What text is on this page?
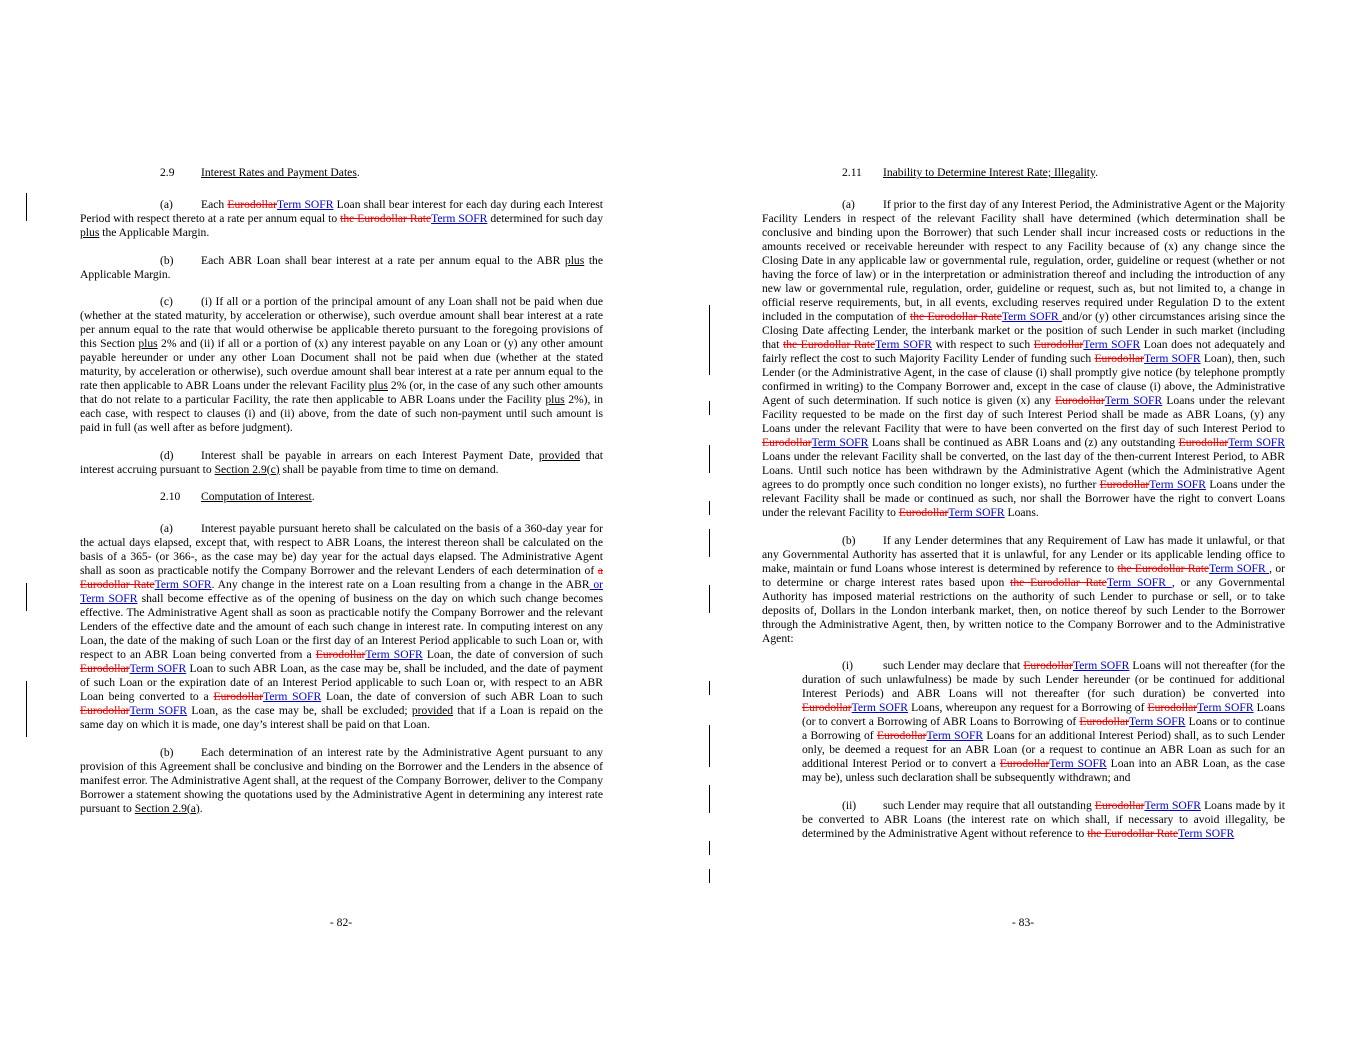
2.9 Interest Rates and Payment Dates.

(a) Each EurodollarTerm SOFR Loan shall bear interest for each day during each Interest Period with respect thereto at a rate per annum equal to the Eurodollar RateTerm SOFR determined for such day plus the Applicable Margin.

(b) Each ABR Loan shall bear interest at a rate per annum equal to the ABR plus the Applicable Margin.

(c) (i) If all or a portion of the principal amount of any Loan shall not be paid when due (whether at the stated maturity, by acceleration or otherwise), such overdue amount shall bear interest at a rate per annum equal to the rate that would otherwise be applicable thereto pursuant to the foregoing provisions of this Section plus 2% and (ii) if all or a portion of (x) any interest payable on any Loan or (y) any other amount payable hereunder or under any other Loan Document shall not be paid when due (whether at the stated maturity, by acceleration or otherwise), such overdue amount shall bear interest at a rate per annum equal to the rate then applicable to ABR Loans under the relevant Facility plus 2% (or, in the case of any such other amounts that do not relate to a particular Facility, the rate then applicable to ABR Loans under the Facility plus 2%), in each case, with respect to clauses (i) and (ii) above, from the date of such non-payment until such amount is paid in full (as well after as before judgment).

(d) Interest shall be payable in arrears on each Interest Payment Date, provided that interest accruing pursuant to Section 2.9(c) shall be payable from time to time on demand.

2.10 Computation of Interest.

(a) Interest payable pursuant hereto shall be calculated on the basis of a 360-day year for the actual days elapsed, except that, with respect to ABR Loans, the interest thereon shall be calculated on the basis of a 365- (or 366-, as the case may be) day year for the actual days elapsed. The Administrative Agent shall as soon as practicable notify the Company Borrower and the relevant Lenders of each determination of a Eurodollar RateTerm SOFR. Any change in the interest rate on a Loan resulting from a change in the ABR or Term SOFR shall become effective as of the opening of business on the day on which such change becomes effective. The Administrative Agent shall as soon as practicable notify the Company Borrower and the relevant Lenders of the effective date and the amount of each such change in interest rate. In computing interest on any Loan, the date of the making of such Loan or the first day of an Interest Period applicable to such Loan or, with respect to an ABR Loan being converted from a EurodollarTerm SOFR Loan, the date of conversion of such EurodollarTerm SOFR Loan to such ABR Loan, as the case may be, shall be included, and the date of payment of such Loan or the expiration date of an Interest Period applicable to such Loan or, with respect to an ABR Loan being converted to a EurodollarTerm SOFR Loan, the date of conversion of such ABR Loan to such EurodollarTerm SOFR Loan, as the case may be, shall be excluded; provided that if a Loan is repaid on the same day on which it is made, one day’s interest shall be paid on that Loan.

(b) Each determination of an interest rate by the Administrative Agent pursuant to any provision of this Agreement shall be conclusive and binding on the Borrower and the Lenders in the absence of manifest error. The Administrative Agent shall, at the request of the Company Borrower, deliver to the Company Borrower a statement showing the quotations used by the Administrative Agent in determining any interest rate pursuant to Section 2.9(a).

- 82-

2.11 Inability to Determine Interest Rate; Illegality.

(a) If prior to the first day of any Interest Period, the Administrative Agent or the Majority Facility Lenders in respect of the relevant Facility shall have determined (which determination shall be conclusive and binding upon the Borrower) that such Lender shall incur increased costs or reductions in the amounts received or receivable hereunder with respect to any Facility because of (x) any change since the Closing Date in any applicable law or governmental rule, regulation, order, guideline or request (whether or not having the force of law) or in the interpretation or administration thereof and including the introduction of any new law or governmental rule, regulation, order, guideline or request, such as, but not limited to, a change in official reserve requirements, but, in all events, excluding reserves required under Regulation D to the extent included in the computation of the Eurodollar RateTerm SOFR and/or (y) other circumstances arising since the Closing Date affecting Lender, the interbank market or the position of such Lender in such market (including that the Eurodollar RateTerm SOFR with respect to such EurodollarTerm SOFR Loan does not adequately and fairly reflect the cost to such Majority Facility Lender of funding such EurodollarTerm SOFR Loan), then, such Lender (or the Administrative Agent, in the case of clause (i) shall promptly give notice (by telephone promptly confirmed in writing) to the Company Borrower and, except in the case of clause (i) above, the Administrative Agent of such determination. If such notice is given (x) any EurodollarTerm SOFR Loans under the relevant Facility requested to be made on the first day of such Interest Period shall be made as ABR Loans, (y) any Loans under the relevant Facility that were to have been converted on the first day of such Interest Period to EurodollarTerm SOFR Loans shall be continued as ABR Loans and (z) any outstanding EurodollarTerm SOFR Loans under the relevant Facility shall be converted, on the last day of the then-current Interest Period, to ABR Loans. Until such notice has been withdrawn by the Administrative Agent (which the Administrative Agent agrees to do promptly once such condition no longer exists), no further EurodollarTerm SOFR Loans under the relevant Facility shall be made or continued as such, nor shall the Borrower have the right to convert Loans under the relevant Facility to EurodollarTerm SOFR Loans.

(b) If any Lender determines that any Requirement of Law has made it unlawful, or that any Governmental Authority has asserted that it is unlawful, for any Lender or its applicable lending office to make, maintain or fund Loans whose interest is determined by reference to the Eurodollar RateTerm SOFR , or to determine or charge interest rates based upon the Eurodollar RateTerm SOFR , or any Governmental Authority has imposed material restrictions on the authority of such Lender to purchase or sell, or to take deposits of, Dollars in the London interbank market, then, on notice thereof by such Lender to the Borrower through the Administrative Agent, then, by written notice to the Company Borrower and to the Administrative Agent:

(i)	such Lender may declare that EurodollarTerm SOFR Loans will not thereafter (for the duration of such unlawfulness) be made by such Lender hereunder (or be continued for additional Interest Periods) and ABR Loans will not thereafter (for such duration) be converted into EurodollarTerm SOFR Loans, whereupon any request for a Borrowing of EurodollarTerm SOFR Loans (or to convert a Borrowing of ABR Loans to Borrowing of EurodollarTerm SOFR Loans or to continue a Borrowing of EurodollarTerm SOFR Loans for an additional Interest Period) shall, as to such Lender only, be deemed a request for an ABR Loan (or a request to continue an ABR Loan as such for an additional Interest Period or to convert a EurodollarTerm SOFR Loan into an ABR Loan, as the case may be), unless such declaration shall be subsequently withdrawn; and

(ii) such Lender may require that all outstanding EurodollarTerm SOFR Loans made by it be converted to ABR Loans (the interest rate on which shall, if necessary to avoid illegality, be determined by the Administrative Agent without reference to the Eurodollar RateTerm SOFR

- 83-
